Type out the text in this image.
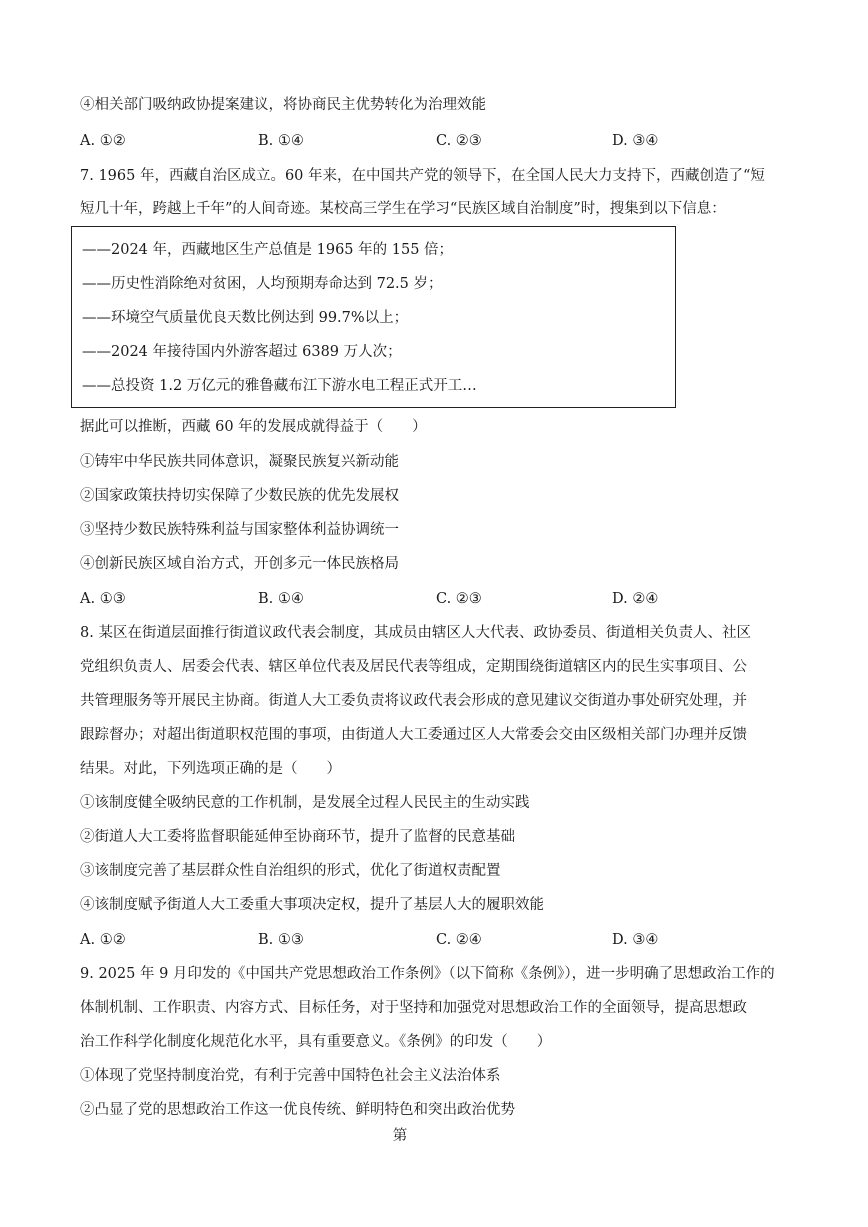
④相关部门吸纳政协提案建议，将协商民主优势转化为治理效能
A. ①②	B. ①④	C. ②③	D. ③④
7. 1965 年，西藏自治区成立。60 年来，在中国共产党的领导下，在全国人民大力支持下，西藏创造了“短
短几十年，跨越上千年”的人间奇迹。某校高三学生在学习“民族区域自治制度”时，搜集到以下信息：
——2024 年，西藏地区生产总值是 1965 年的 155 倍；
——历史性消除绝对贫困，人均预期寿命达到 72.5 岁；
——环境空气质量优良天数比例达到 99.7%以上；
——2024 年接待国内外游客超过 6389 万人次；
——总投资 1.2 万亿元的雅鲁藏布江下游水电工程正式开工…
据此可以推断，西藏 60 年的发展成就得益于（　　）
①铸牢中华民族共同体意识，凝聚民族复兴新动能
②国家政策扶持切实保障了少数民族的优先发展权
③坚持少数民族特殊利益与国家整体利益协调统一
④创新民族区域自治方式，开创多元一体民族格局
A. ①③	B. ①④	C. ②③	D. ②④
8. 某区在街道层面推行街道议政代表会制度，其成员由辖区人大代表、政协委员、街道相关负责人、社区
党组织负责人、居委会代表、辖区单位代表及居民代表等组成，定期围绕街道辖区内的民生实事项目、公
共管理服务等开展民主协商。街道人大工委负责将议政代表会形成的意见建议交街道办事处研究处理，并
跟踪督办；对超出街道职权范围的事项，由街道人大工委通过区人大常委会交由区级相关部门办理并反馈
结果。对此，下列选项正确的是（　　）
①该制度健全吸纳民意的工作机制，是发展全过程人民民主的生动实践
②街道人大工委将监督职能延伸至协商环节，提升了监督的民意基础
③该制度完善了基层群众性自治组织的形式，优化了街道权责配置
④该制度赋予街道人大工委重大事项决定权，提升了基层人大的履职效能
A. ①②	B. ①③	C. ②④	D. ③④
9. 2025 年 9 月印发的《中国共产党思想政治工作条例》（以下简称《条例》），进一步明确了思想政治工作的
体制机制、工作职责、内容方式、目标任务，对于坚持和加强党对思想政治工作的全面领导，提高思想政
治工作科学化制度化规范化水平，具有重要意义。《条例》的印发（　　）
①体现了党坚持制度治党，有利于完善中国特色社会主义法治体系
②凸显了党的思想政治工作这一优良传统、鲜明特色和突出政治优势
第
